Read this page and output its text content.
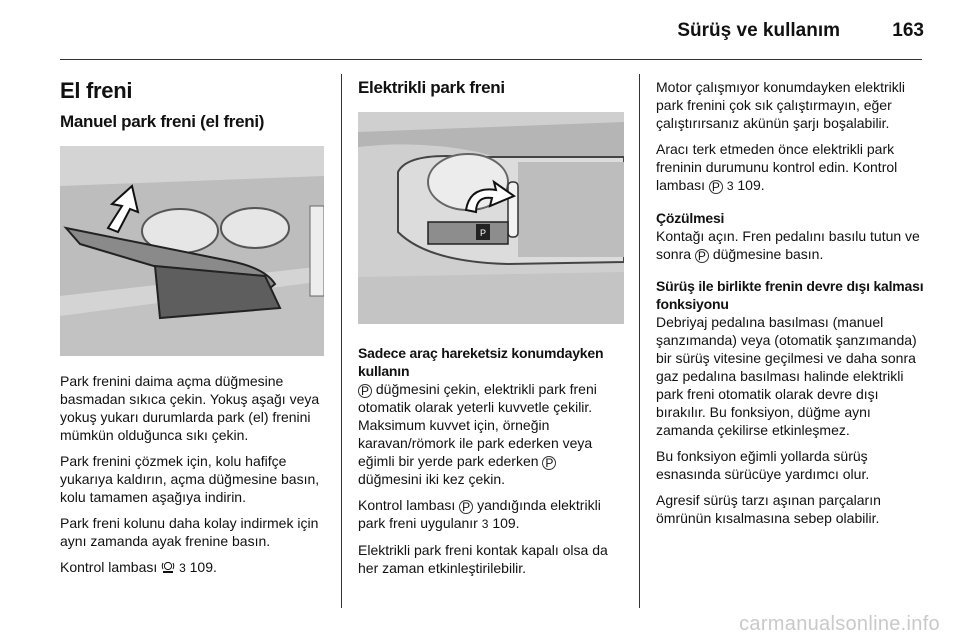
Sürüş ve kullanım	163
El freni
Manuel park freni (el freni)

Park frenini daima açma düğmesine basmadan sıkıca çekin. Yokuş aşağı veya yokuş yukarı durumlarda park (el) frenini mümkün olduğunca sıkı çekin.

Park frenini çözmek için, kolu hafifçe yukarıya kaldırın, açma düğmesine basın, kolu tamamen aşağıya indirin.

Park freni kolunu daha kolay indirmek için aynı zamanda ayak frenine basın.

Kontrol lambası 3 109.

Elektrikli park freni
P
Sadece araç hareketsiz konumdayken kullanın

P düğmesini çekin, elektrikli park freni otomatik olarak yeterli kuvvetle çekilir. Maksimum kuvvet için, örneğin karavan/römork ile park ederken veya eğimli bir yerde park ederken P düğmesini iki kez çekin.

Kontrol lambası P yandığında elektrikli park freni uygulanır 3 109.

Elektrikli park freni kontak kapalı olsa da her zaman etkinleştirilebilir.

Motor çalışmıyor konumdayken elektrikli park frenini çok sık çalıştırmayın, eğer çalıştırırsanız akünün şarjı boşalabilir.

Aracı terk etmeden önce elektrikli park freninin durumunu kontrol edin. Kontrol lambası P 3 109.

Çözülmesi

Kontağı açın. Fren pedalını basılu tutun ve sonra P düğmesine basın.

Sürüş ile birlikte frenin devre dışı kalması fonksiyonu

Debriyaj pedalına basılması (manuel şanzımanda) veya (otomatik şanzımanda) bir sürüş vitesine geçilmesi ve daha sonra gaz pedalına basılması halinde elektrikli park freni otomatik olarak devre dışı bırakılır. Bu fonksiyon, düğme aynı zamanda çekilirse etkinleşmez.

Bu fonksiyon eğimli yollarda sürüş esnasında sürücüye yardımcı olur.

Agresif sürüş tarzı aşınan parçaların ömrünün kısalmasına sebep olabilir.

carmanualsonline.info
